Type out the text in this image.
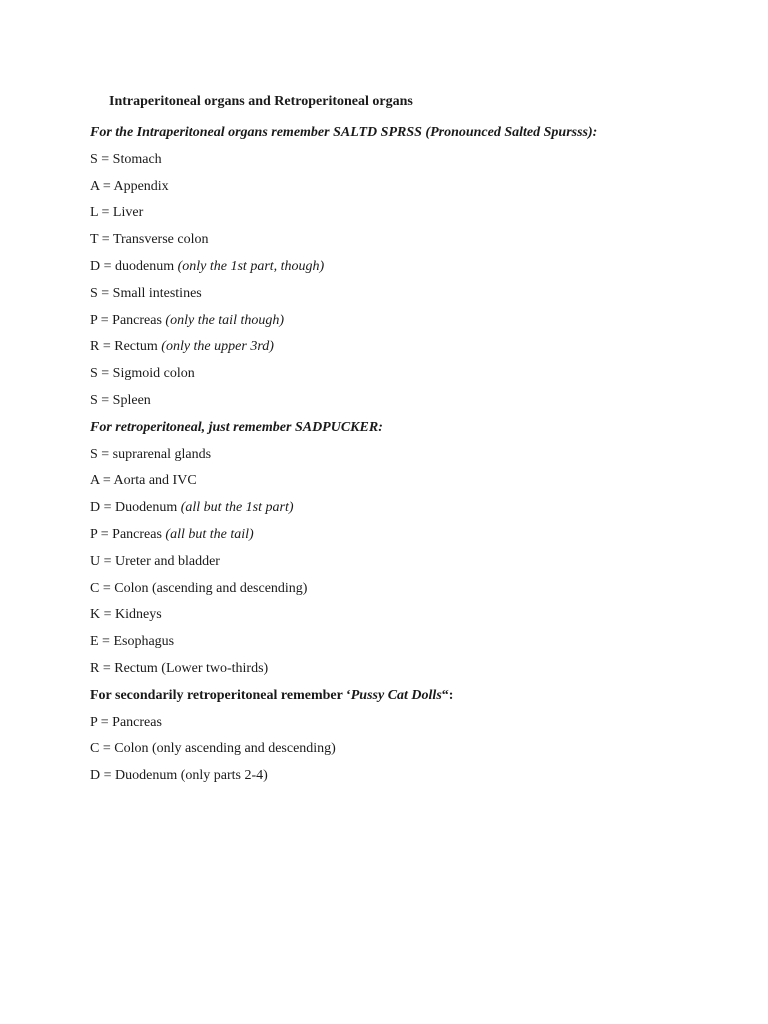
Intraperitoneal organs and Retroperitoneal organs
For the Intraperitoneal organs remember SALTD SPRSS (Pronounced Salted Spursss):
S = Stomach
A = Appendix
L = Liver
T = Transverse colon
D = duodenum (only the 1st part, though)
S = Small intestines
P = Pancreas (only the tail though)
R = Rectum (only the upper 3rd)
S = Sigmoid colon
S = Spleen
For retroperitoneal, just remember SADPUCKER:
S = suprarenal glands
A = Aorta and IVC
D = Duodenum (all but the 1st part)
P = Pancreas (all but the tail)
U = Ureter and bladder
C = Colon (ascending and descending)
K = Kidneys
E = Esophagus
R = Rectum (Lower two-thirds)
For secondarily retroperitoneal remember ‘Pussy Cat Dolls“:
P = Pancreas
C = Colon (only ascending and descending)
D = Duodenum (only parts 2-4)
